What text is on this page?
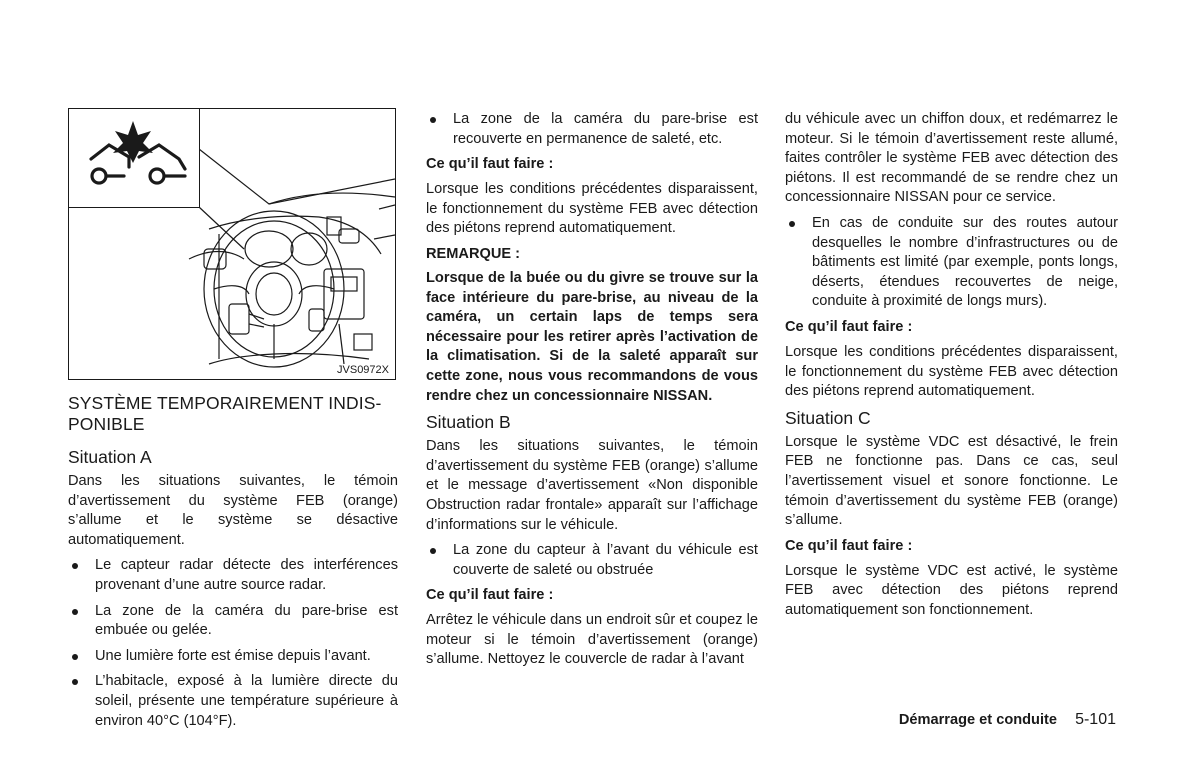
JVS0972X
SYSTÈME TEMPORAIREMENT INDIS-PONIBLE
Situation A

Dans les situations suivantes, le témoin d’avertissement du système FEB (orange) s’allume et le système se désactive automatiquement.

Le capteur radar détecte des interférences provenant d’une autre source radar.

La zone de la caméra du pare-brise est embuée ou gelée.

Une lumière forte est émise depuis l’avant.

L’habitacle, exposé à la lumière directe du soleil, présente une température supérieure à environ 40°C (104°F).

La zone de la caméra du pare-brise est recouverte en permanence de saleté, etc.

Ce qu’il faut faire :

Lorsque les conditions précédentes disparaissent, le fonctionnement du système FEB avec détection des piétons reprend automatiquement.

REMARQUE :

Lorsque de la buée ou du givre se trouve sur la face intérieure du pare-brise, au niveau de la caméra, un certain laps de temps sera nécessaire pour les retirer après l’activation de la climatisation. Si de la saleté apparaît sur cette zone, nous vous recommandons de vous rendre chez un concessionnaire NISSAN.

Situation B

Dans les situations suivantes, le témoin d’avertissement du système FEB (orange) s’allume et le message d’avertissement «Non disponible Obstruction radar frontale» apparaît sur l’affichage d’informations sur le véhicule.

La zone du capteur à l’avant du véhicule est couverte de saleté ou obstruée

Ce qu’il faut faire :

Arrêtez le véhicule dans un endroit sûr et coupez le moteur si le témoin d’avertissement (orange) s’allume. Nettoyez le couvercle de radar à l’avant

du véhicule avec un chiffon doux, et redémarrez le moteur. Si le témoin d’avertissement reste allumé, faites contrôler le système FEB avec détection des piétons. Il est recommandé de se rendre chez un concessionnaire NISSAN pour ce service.

En cas de conduite sur des routes autour desquelles le nombre d’infrastructures ou de bâtiments est limité (par exemple, ponts longs, déserts, étendues recouvertes de neige, conduite à proximité de longs murs).

Ce qu’il faut faire :

Lorsque les conditions précédentes disparaissent, le fonctionnement du système FEB avec détection des piétons reprend automatiquement.

Situation C

Lorsque le système VDC est désactivé, le frein FEB ne fonctionne pas. Dans ce cas, seul l’avertissement visuel et sonore fonctionne. Le témoin d’avertissement du système FEB (orange) s’allume.

Ce qu’il faut faire :

Lorsque le système VDC est activé, le système FEB avec détection des piétons reprend automatiquement son fonctionnement.

Démarrage et conduite 5-101
